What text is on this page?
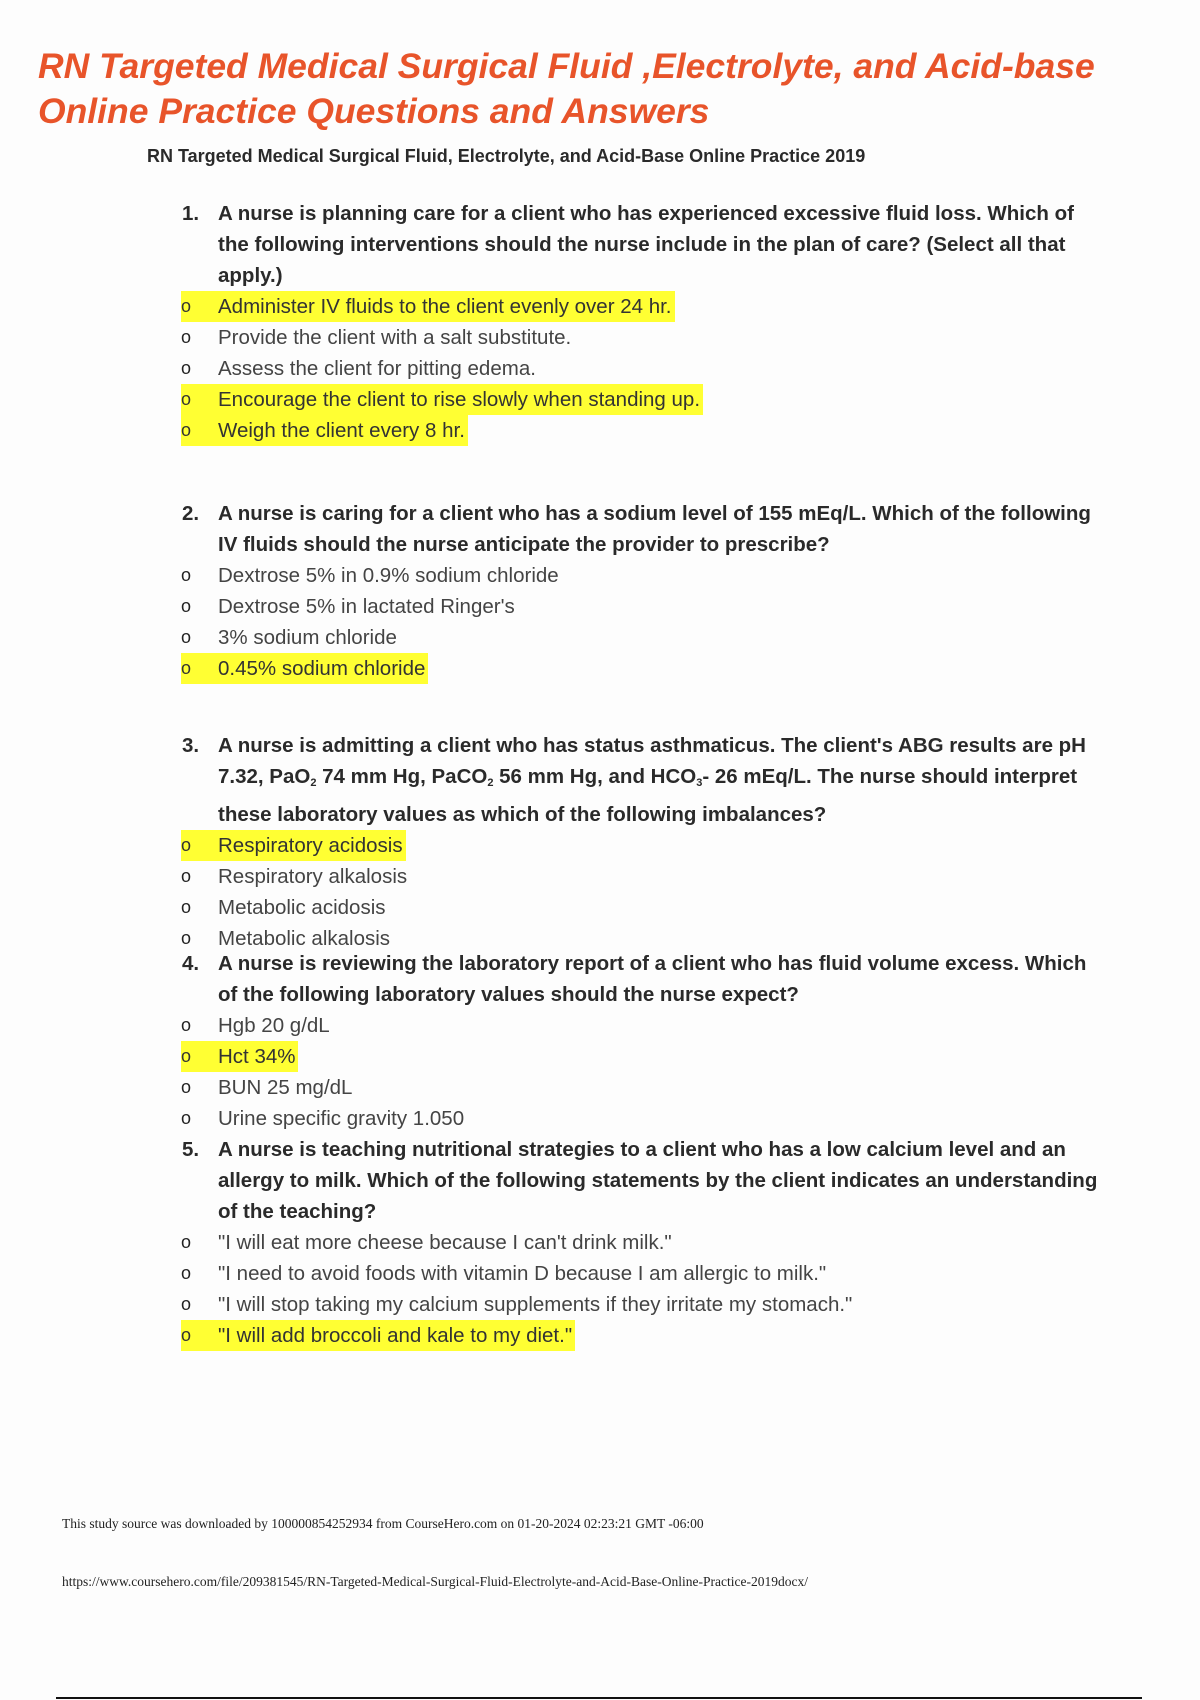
RN Targeted Medical Surgical Fluid ,Electrolyte, and Acid-base Online Practice Questions and Answers
RN Targeted Medical Surgical Fluid, Electrolyte, and Acid-Base Online Practice 2019
1. A nurse is planning care for a client who has experienced excessive fluid loss. Which of the following interventions should the nurse include in the plan of care? (Select all that apply.)
o	Administer IV fluids to the client evenly over 24 hr.
o	Provide the client with a salt substitute.
o	Assess the client for pitting edema.
o	Encourage the client to rise slowly when standing up.
o	Weigh the client every 8 hr.
2. A nurse is caring for a client who has a sodium level of 155 mEq/L. Which of the following IV fluids should the nurse anticipate the provider to prescribe?
o	Dextrose 5% in 0.9% sodium chloride
o	Dextrose 5% in lactated Ringer's
o	3% sodium chloride
o	0.45% sodium chloride
3. A nurse is admitting a client who has status asthmaticus. The client's ABG results are pH 7.32, PaO$_2$ 74 mm Hg, PaCO$_2$ 56 mm Hg, and $HCO_3-$ 26 mEq/L. The nurse should interpret these laboratory values as which of the following imbalances?
o	Respiratory acidosis
o	Respiratory alkalosis
o	Metabolic acidosis
o	Metabolic alkalosis
4. A nurse is reviewing the laboratory report of a client who has fluid volume excess. Which of the following laboratory values should the nurse expect?
o	Hgb 20 g/dL
o	Hct 34%
o	BUN 25 mg/dL
o	Urine specific gravity 1.050
5. A nurse is teaching nutritional strategies to a client who has a low calcium level and an allergy to milk. Which of the following statements by the client indicates an understanding of the teaching?
o	"I will eat more cheese because I can't drink milk."
o	"I need to avoid foods with vitamin D because I am allergic to milk."
o	"I will stop taking my calcium supplements if they irritate my stomach."
o	"I will add broccoli and kale to my diet."
This study source was downloaded by 100000854252934 from CourseHero.com on 01-20-2024 02:23:21 GMT -06:00
https://www.coursehero.com/file/209381545/RN-Targeted-Medical-Surgical-Fluid-Electrolyte-and-Acid-Base-Online-Practice-2019docx/
